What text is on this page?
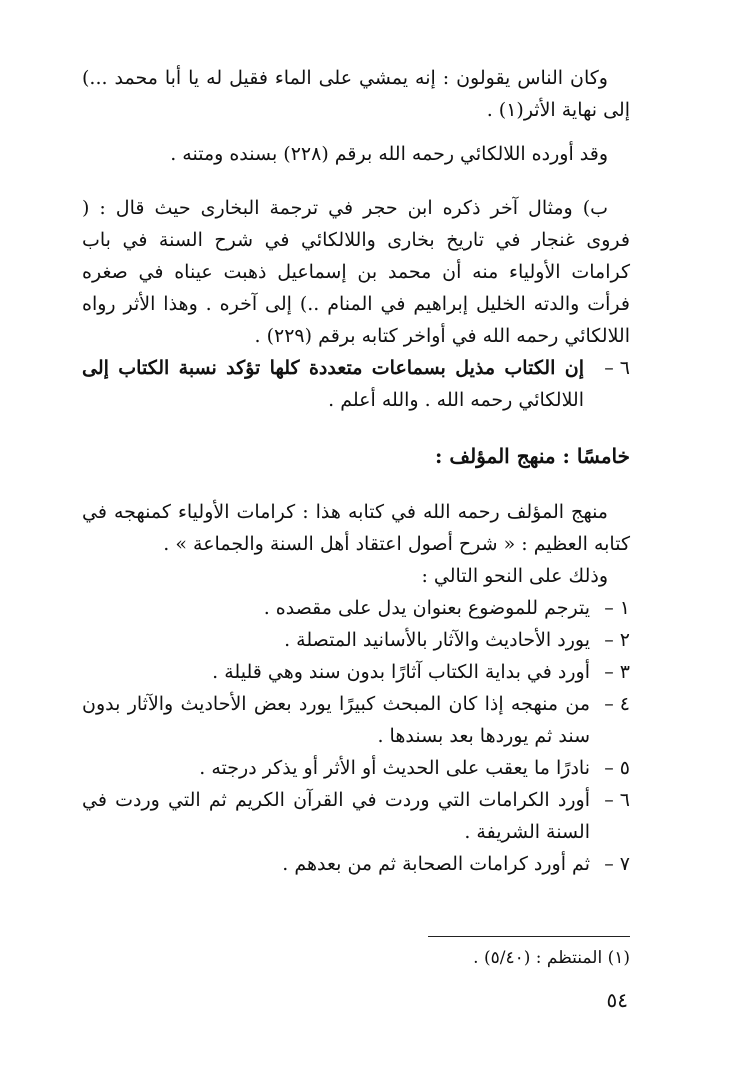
وكان الناس يقولون : إنه يمشي على الماء فقيل له يا أبا محمد ...) إلى نهاية الأثر(١) .

وقد أورده اللالكائي رحمه الله برقم (٢٢٨) بسنده ومتنه .

ب) ومثال آخر ذكره ابن حجر في ترجمة البخارى حيث قال : ( فروى غنجار في تاريخ بخارى واللالكائي في شرح السنة في باب كرامات الأولياء منه أن محمد بن إسماعيل ذهبت عيناه في صغره فرأت والدته الخليل إبراهيم في المنام ..) إلى آخره . وهذا الأثر رواه اللالكائي رحمه الله في أواخر كتابه برقم (٢٢٩) .

٦ –
إن الكتاب مذيل بسماعات متعددة كلها تؤكد نسبة الكتاب إلى اللالكائي رحمه الله . والله أعلم .

خامسًا : منهج المؤلف :

منهج المؤلف رحمه الله في كتابه هذا : كرامات الأولياء كمنهجه في كتابه العظيم : « شرح أصول اعتقاد أهل السنة والجماعة » .

وذلك على النحو التالي :

١ –
يترجم للموضوع بعنوان يدل على مقصده .
٢ –
يورد الأحاديث والآثار بالأسانيد المتصلة .
٣ –
أورد في بداية الكتاب آثارًا بدون سند وهي قليلة .
٤ –
من منهجه إذا كان المبحث كبيرًا يورد بعض الأحاديث والآثار بدون سند ثم يوردها بعد بسندها .
٥ –
نادرًا ما يعقب على الحديث أو الأثر أو يذكر درجته .
٦ –
أورد الكرامات التي وردت في القرآن الكريم ثم التي وردت في السنة الشريفة .
٧ –
ثم أورد كرامات الصحابة ثم من بعدهم .
(١) المنتظم : (٥/٤٠) .
٥٤
